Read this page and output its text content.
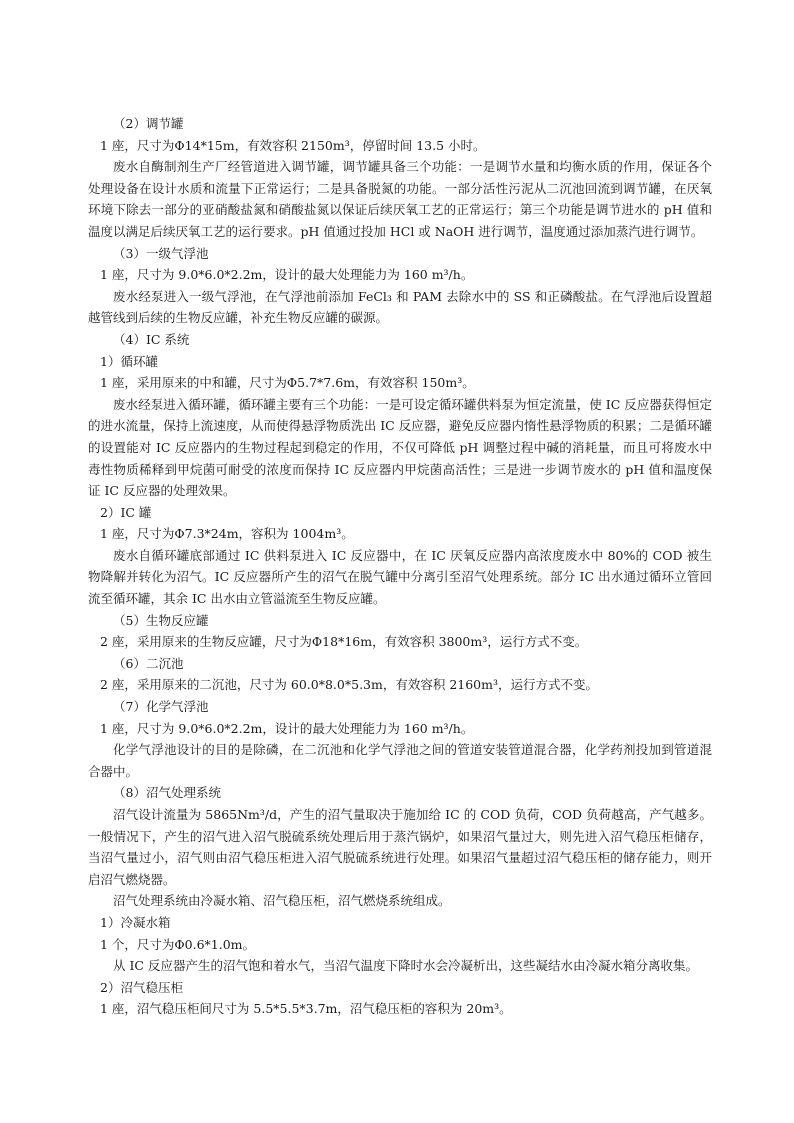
（2）调节罐
1 座，尺寸为Φ14*15m，有效容积 2150m³，停留时间 13.5 小时。

废水自酶制剂生产厂经管道进入调节罐，调节罐具备三个功能：一是调节水量和均衡水质的作用，保证各个处理设备在设计水质和流量下正常运行；二是具备脱氮的功能。一部分活性污泥从二沉池回流到调节罐，在厌氧环境下除去一部分的亚硝酸盐氮和硝酸盐氮以保证后续厌氧工艺的正常运行；第三个功能是调节进水的 pH 值和温度以满足后续厌氧工艺的运行要求。pH 值通过投加 HCl 或 NaOH 进行调节，温度通过添加蒸汽进行调节。

（3）一级气浮池
1 座，尺寸为 9.0*6.0*2.2m，设计的最大处理能力为 160 m³/h。

废水经泵进入一级气浮池，在气浮池前添加 FeCl₃ 和 PAM 去除水中的 SS 和正磷酸盐。在气浮池后设置超越管线到后续的生物反应罐，补充生物反应罐的碳源。

（4）IC 系统
1）循环罐
1 座，采用原来的中和罐，尺寸为Φ5.7*7.6m，有效容积 150m³。

废水经泵进入循环罐，循环罐主要有三个功能：一是可设定循环罐供料泵为恒定流量，使 IC 反应器获得恒定的进水流量，保持上流速度，从而使得悬浮物质洗出 IC 反应器，避免反应器内惰性悬浮物质的积累；二是循环罐的设置能对 IC 反应器内的生物过程起到稳定的作用，不仅可降低 pH 调整过程中碱的消耗量，而且可将废水中毒性物质稀释到甲烷菌可耐受的浓度而保持 IC 反应器内甲烷菌高活性；三是进一步调节废水的 pH 值和温度保证 IC 反应器的处理效果。

2）IC 罐
1 座，尺寸为Φ7.3*24m，容积为 1004m³。

废水自循环罐底部通过 IC 供料泵进入 IC 反应器中，在 IC 厌氧反应器内高浓度废水中 80%的 COD 被生物降解并转化为沼气。IC 反应器所产生的沼气在脱气罐中分离引至沼气处理系统。部分 IC 出水通过循环立管回流至循环罐，其余 IC 出水由立管溢流至生物反应罐。

（5）生物反应罐
2 座，采用原来的生物反应罐，尺寸为Φ18*16m，有效容积 3800m³，运行方式不变。
（6）二沉池
2 座，采用原来的二沉池，尺寸为 60.0*8.0*5.3m，有效容积 2160m³，运行方式不变。
（7）化学气浮池
1 座，尺寸为 9.0*6.0*2.2m，设计的最大处理能力为 160 m³/h。

化学气浮池设计的目的是除磷，在二沉池和化学气浮池之间的管道安装管道混合器，化学药剂投加到管道混合器中。

（8）沼气处理系统

沼气设计流量为 5865Nm³/d，产生的沼气量取决于施加给 IC 的 COD 负荷，COD 负荷越高，产气越多。一般情况下，产生的沼气进入沼气脱硫系统处理后用于蒸汽锅炉，如果沼气量过大，则先进入沼气稳压柜储存，当沼气量过小，沼气则由沼气稳压柜进入沼气脱硫系统进行处理。如果沼气量超过沼气稳压柜的储存能力，则开启沼气燃烧器。

沼气处理系统由冷凝水箱、沼气稳压柜，沼气燃烧系统组成。

1）冷凝水箱
1 个，尺寸为Φ0.6*1.0m。

从 IC 反应器产生的沼气饱和着水气，当沼气温度下降时水会冷凝析出，这些凝结水由冷凝水箱分离收集。

2）沼气稳压柜
1 座，沼气稳压柜间尺寸为 5.5*5.5*3.7m，沼气稳压柜的容积为 20m³。
